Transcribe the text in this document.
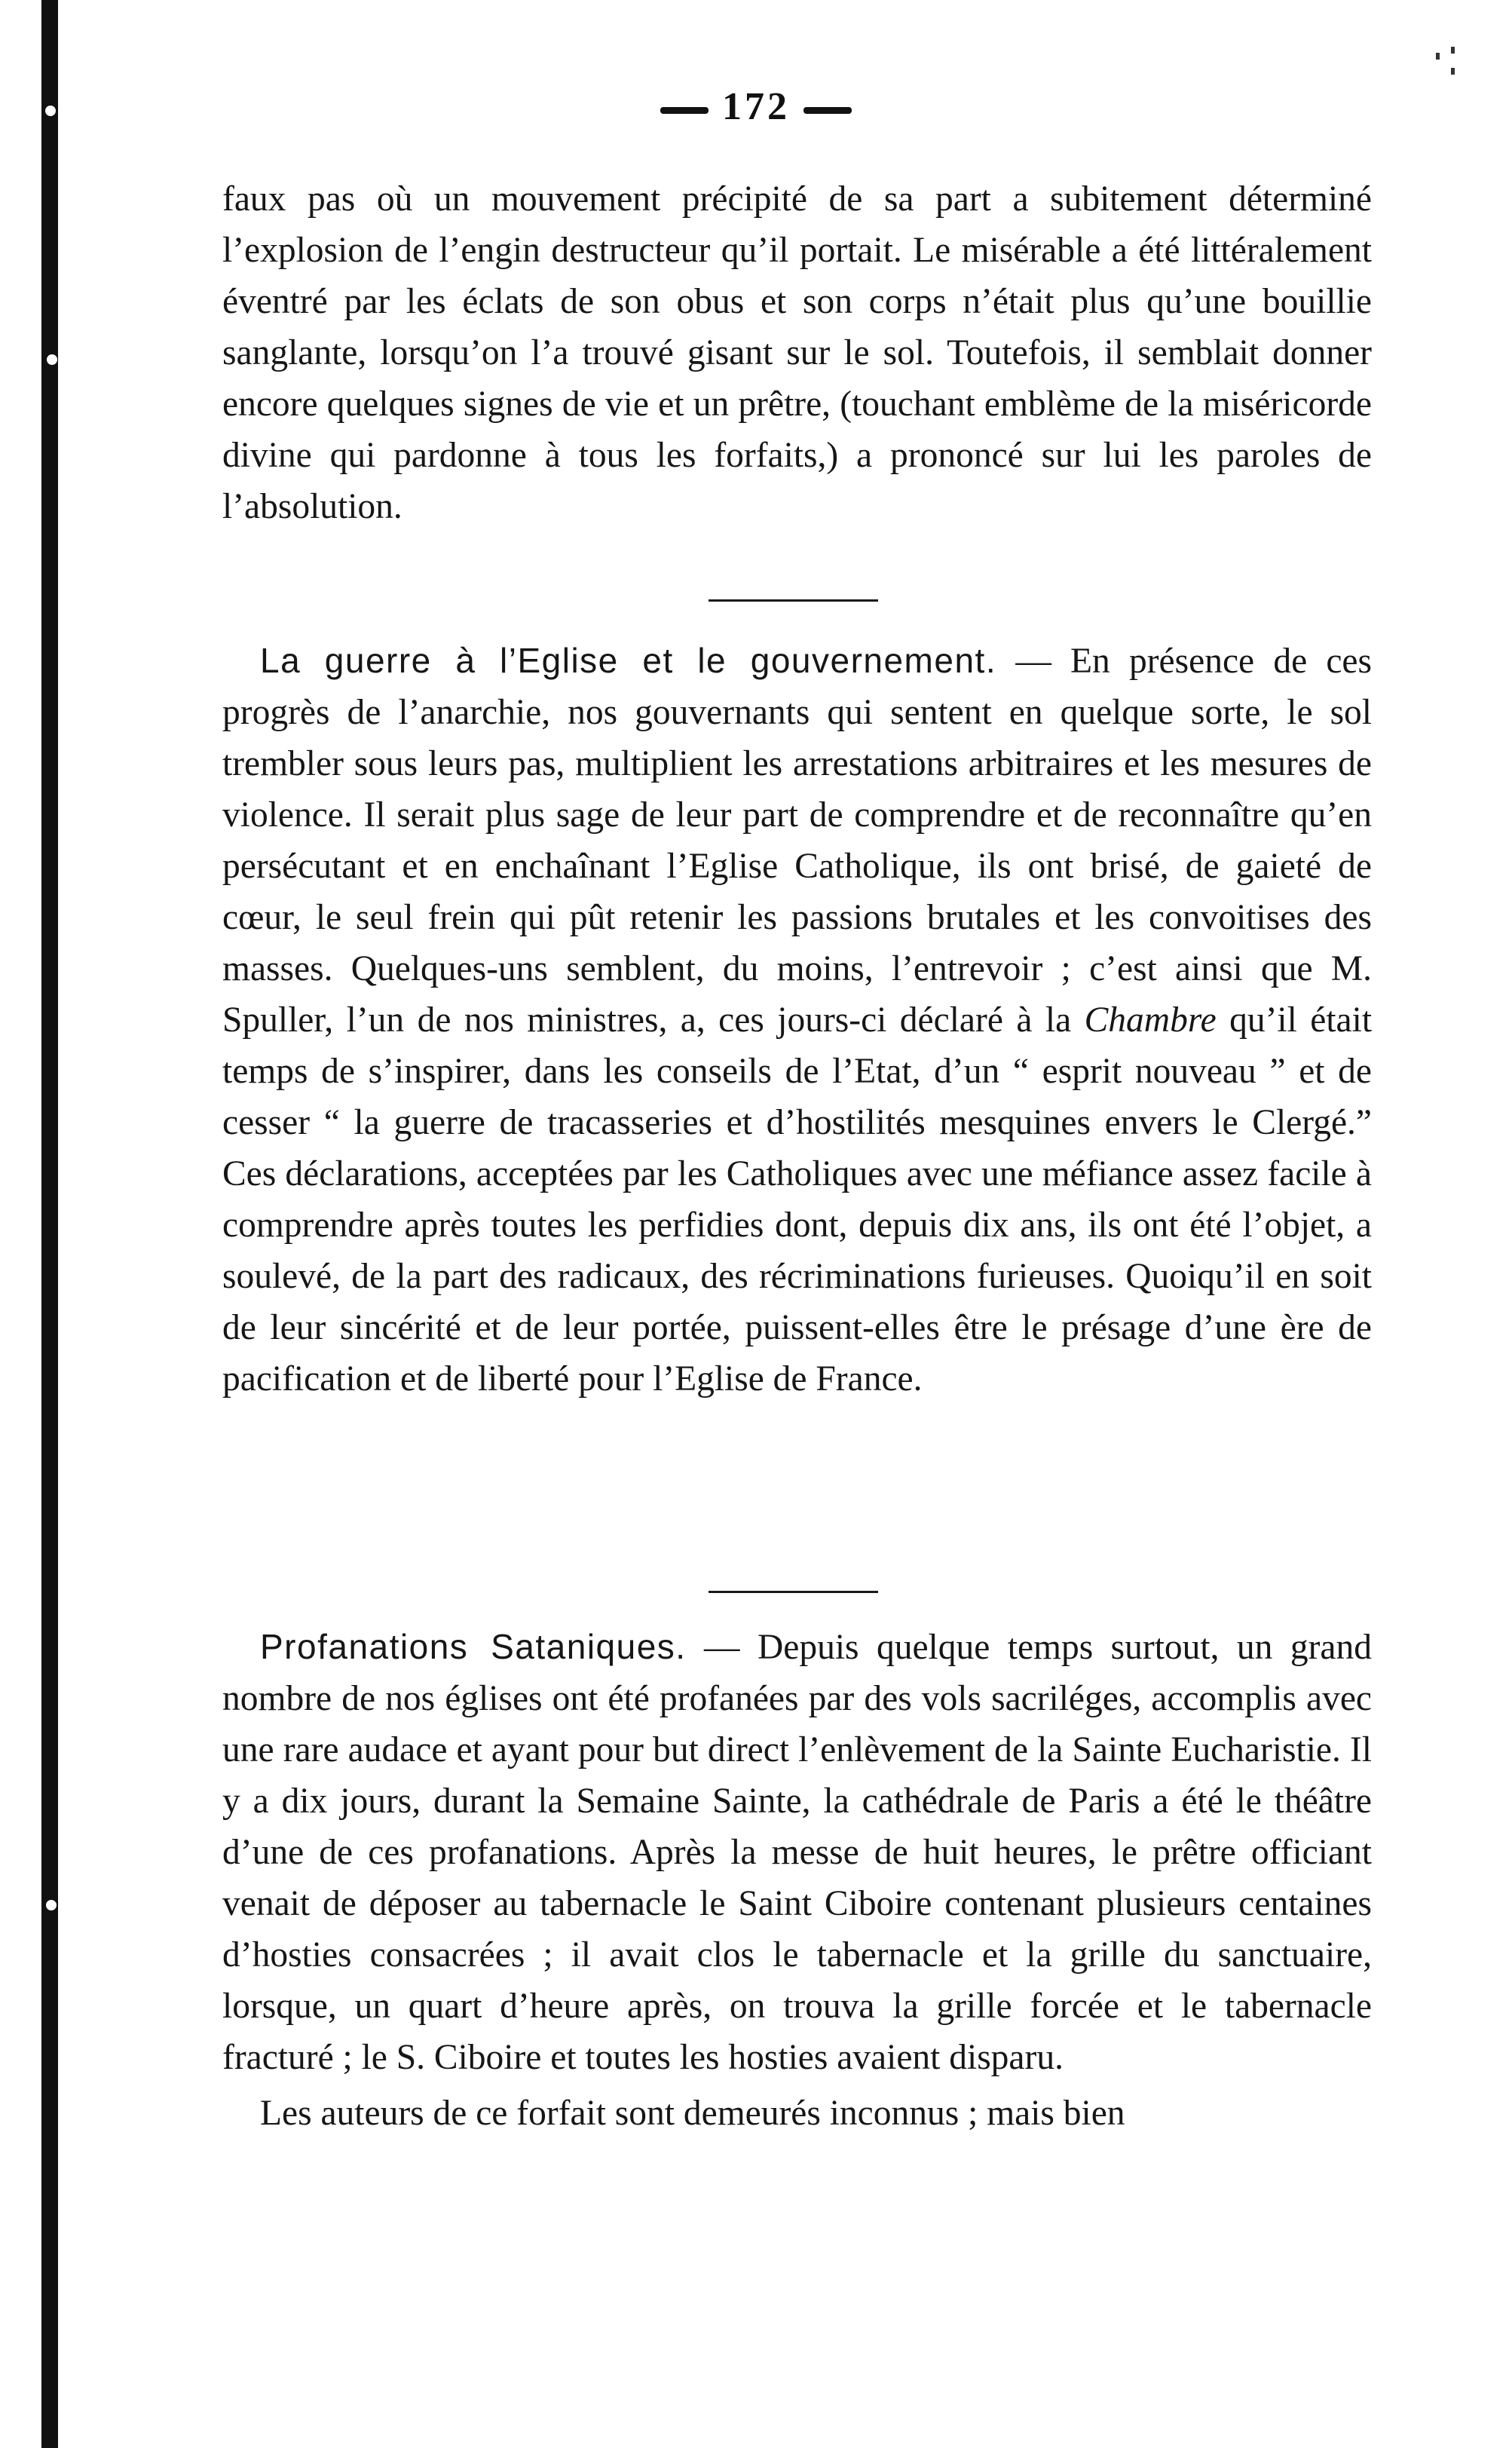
172

faux pas où un mouvement précipité de sa part a subitement déterminé l’explosion de l’engin destructeur qu’il portait. Le misérable a été littéralement éventré par les éclats de son obus et son corps n’était plus qu’une bouillie sanglante, lorsqu’on l’a trouvé gisant sur le sol. Toutefois, il semblait donner encore quelques signes de vie et un prêtre, (touchant emblème de la miséricorde divine qui pardonne à tous les forfaits,) a prononcé sur lui les paroles de l’absolution.

La guerre à l’Eglise et le gouvernement. — En présence de ces progrès de l’anarchie, nos gouvernants qui sentent en quelque sorte, le sol trembler sous leurs pas, multiplient les arrestations arbitraires et les mesures de violence. Il serait plus sage de leur part de comprendre et de reconnaître qu’en persécutant et en enchaînant l’Eglise Catholique, ils ont brisé, de gaieté de cœur, le seul frein qui pût retenir les passions brutales et les convoitises des masses. Quelques-uns semblent, du moins, l’entrevoir ; c’est ainsi que M. Spuller, l’un de nos ministres, a, ces jours-ci déclaré à la Chambre qu’il était temps de s’inspirer, dans les conseils de l’Etat, d’un “ esprit nouveau ” et de cesser “ la guerre de tracasseries et d’hostilités mesquines envers le Clergé.” Ces déclarations, acceptées par les Catholiques avec une méfiance assez facile à comprendre après toutes les perfidies dont, depuis dix ans, ils ont été l’objet, a soulevé, de la part des radicaux, des récriminations furieuses. Quoiqu’il en soit de leur sincérité et de leur portée, puissent-elles être le présage d’une ère de pacification et de liberté pour l’Eglise de France.

Profanations Sataniques. — Depuis quelque temps surtout, un grand nombre de nos églises ont été profanées par des vols sacriléges, accomplis avec une rare audace et ayant pour but direct l’enlèvement de la Sainte Eucharistie. Il y a dix jours, durant la Semaine Sainte, la cathédrale de Paris a été le théâtre d’une de ces profanations. Après la messe de huit heures, le prêtre officiant venait de déposer au tabernacle le Saint Ciboire contenant plusieurs centaines d’hosties consacrées ; il avait clos le tabernacle et la grille du sanctuaire, lorsque, un quart d’heure après, on trouva la grille forcée et le tabernacle fracturé ; le S. Ciboire et toutes les hosties avaient disparu.

Les auteurs de ce forfait sont demeurés inconnus ; mais bien
